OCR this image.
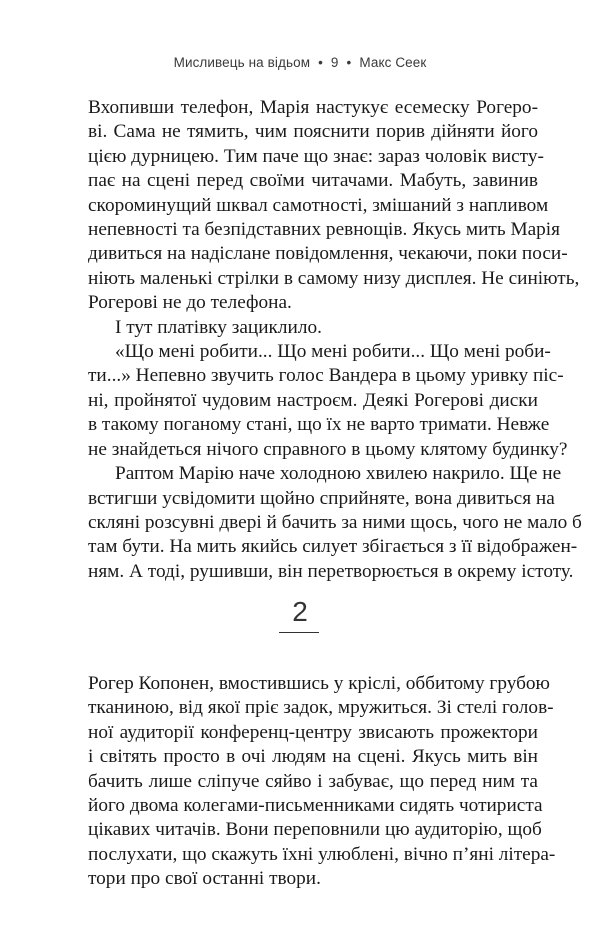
Мисливець на відьом • 9 • Макс Сеек
Вхопивши телефон, Марія настукує есемеску Рогеро-
ві. Сама не тямить, чим пояснити порив дійняти його
цією дурницею. Тим паче що знає: зараз чоловік висту-
пає на сцені перед своїми читачами. Мабуть, завинив
скороминущий шквал самотності, змішаний з напливом
непевності та безпідставних ревнощів. Якусь мить Марія
дивиться на надіслане повідомлення, чекаючи, поки поси-
ніють маленькі стрілки в самому низу дисплея. Не синіють,
Рогерові не до телефона.
І тут платівку зациклило.
«Що мені робити... Що мені робити... Що мені роби-
ти...» Непевно звучить голос Вандера в цьому уривку піс-
ні, пройнятої чудовим настроєм. Деякі Рогерові диски
в такому поганому стані, що їх не варто тримати. Невже
не знайдеться нічого справного в цьому клятому будинку?
Раптом Марію наче холодною хвилею накрило. Ще не
встигши усвідомити щойно сприйняте, вона дивиться на
скляні розсувні двері й бачить за ними щось, чого не мало б
там бути. На мить якийсь силует збігається з її відображен-
ням. А тоді, рушивши, він перетворюється в окрему істоту.
2
Рогер Копонен, вмостившись у кріслі, оббитому грубою
тканиною, від якої пріє задок, мружиться. Зі стелі голов-
ної аудиторії конференц-центру звисають прожектори
і світять просто в очі людям на сцені. Якусь мить він
бачить лише сліпуче сяйво і забуває, що перед ним та
його двома колегами-письменниками сидять чотириста
цікавих читачів. Вони переповнили цю аудиторію, щоб
послухати, що скажуть їхні улюблені, вічно п’яні літера-
тори про свої останні твори.
